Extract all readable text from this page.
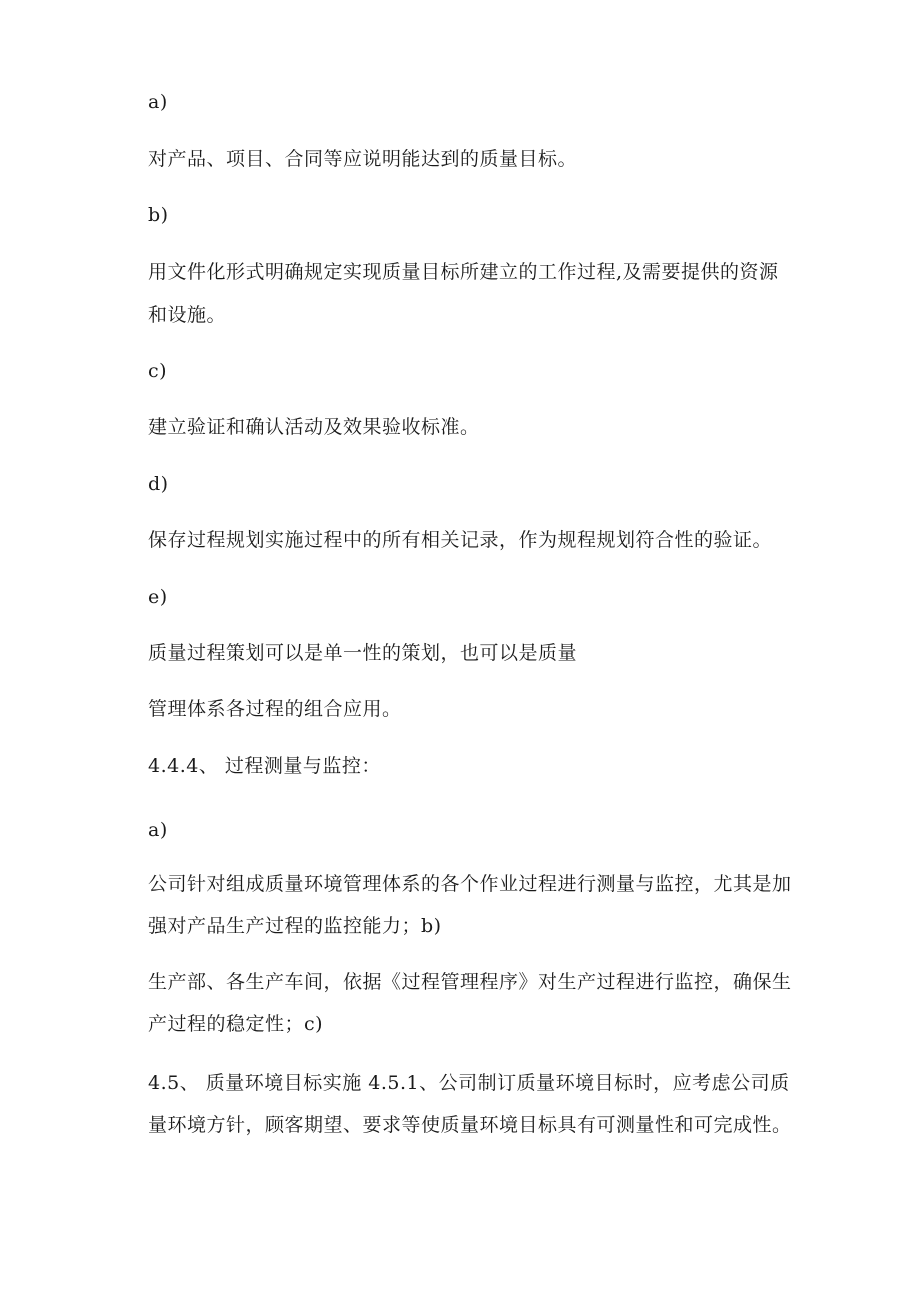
a)
对产品、项目、合同等应说明能达到的质量目标。
b)
用文件化形式明确规定实现质量目标所建立的工作过程,及需要提供的资源
和设施。
c)
建立验证和确认活动及效果验收标准。
d)
保存过程规划实施过程中的所有相关记录，作为规程规划符合性的验证。
e)
质量过程策划可以是单一性的策划，也可以是质量
管理体系各过程的组合应用。
4.4.4、 过程测量与监控：
a)
公司针对组成质量环境管理体系的各个作业过程进行测量与监控，尤其是加
强对产品生产过程的监控能力；b)
生产部、各生产车间，依据《过程管理程序》对生产过程进行监控，确保生
产过程的稳定性；c)
4.5、 质量环境目标实施 4.5.1、公司制订质量环境目标时，应考虑公司质
量环境方针，顾客期望、要求等使质量环境目标具有可测量性和可完成性。
